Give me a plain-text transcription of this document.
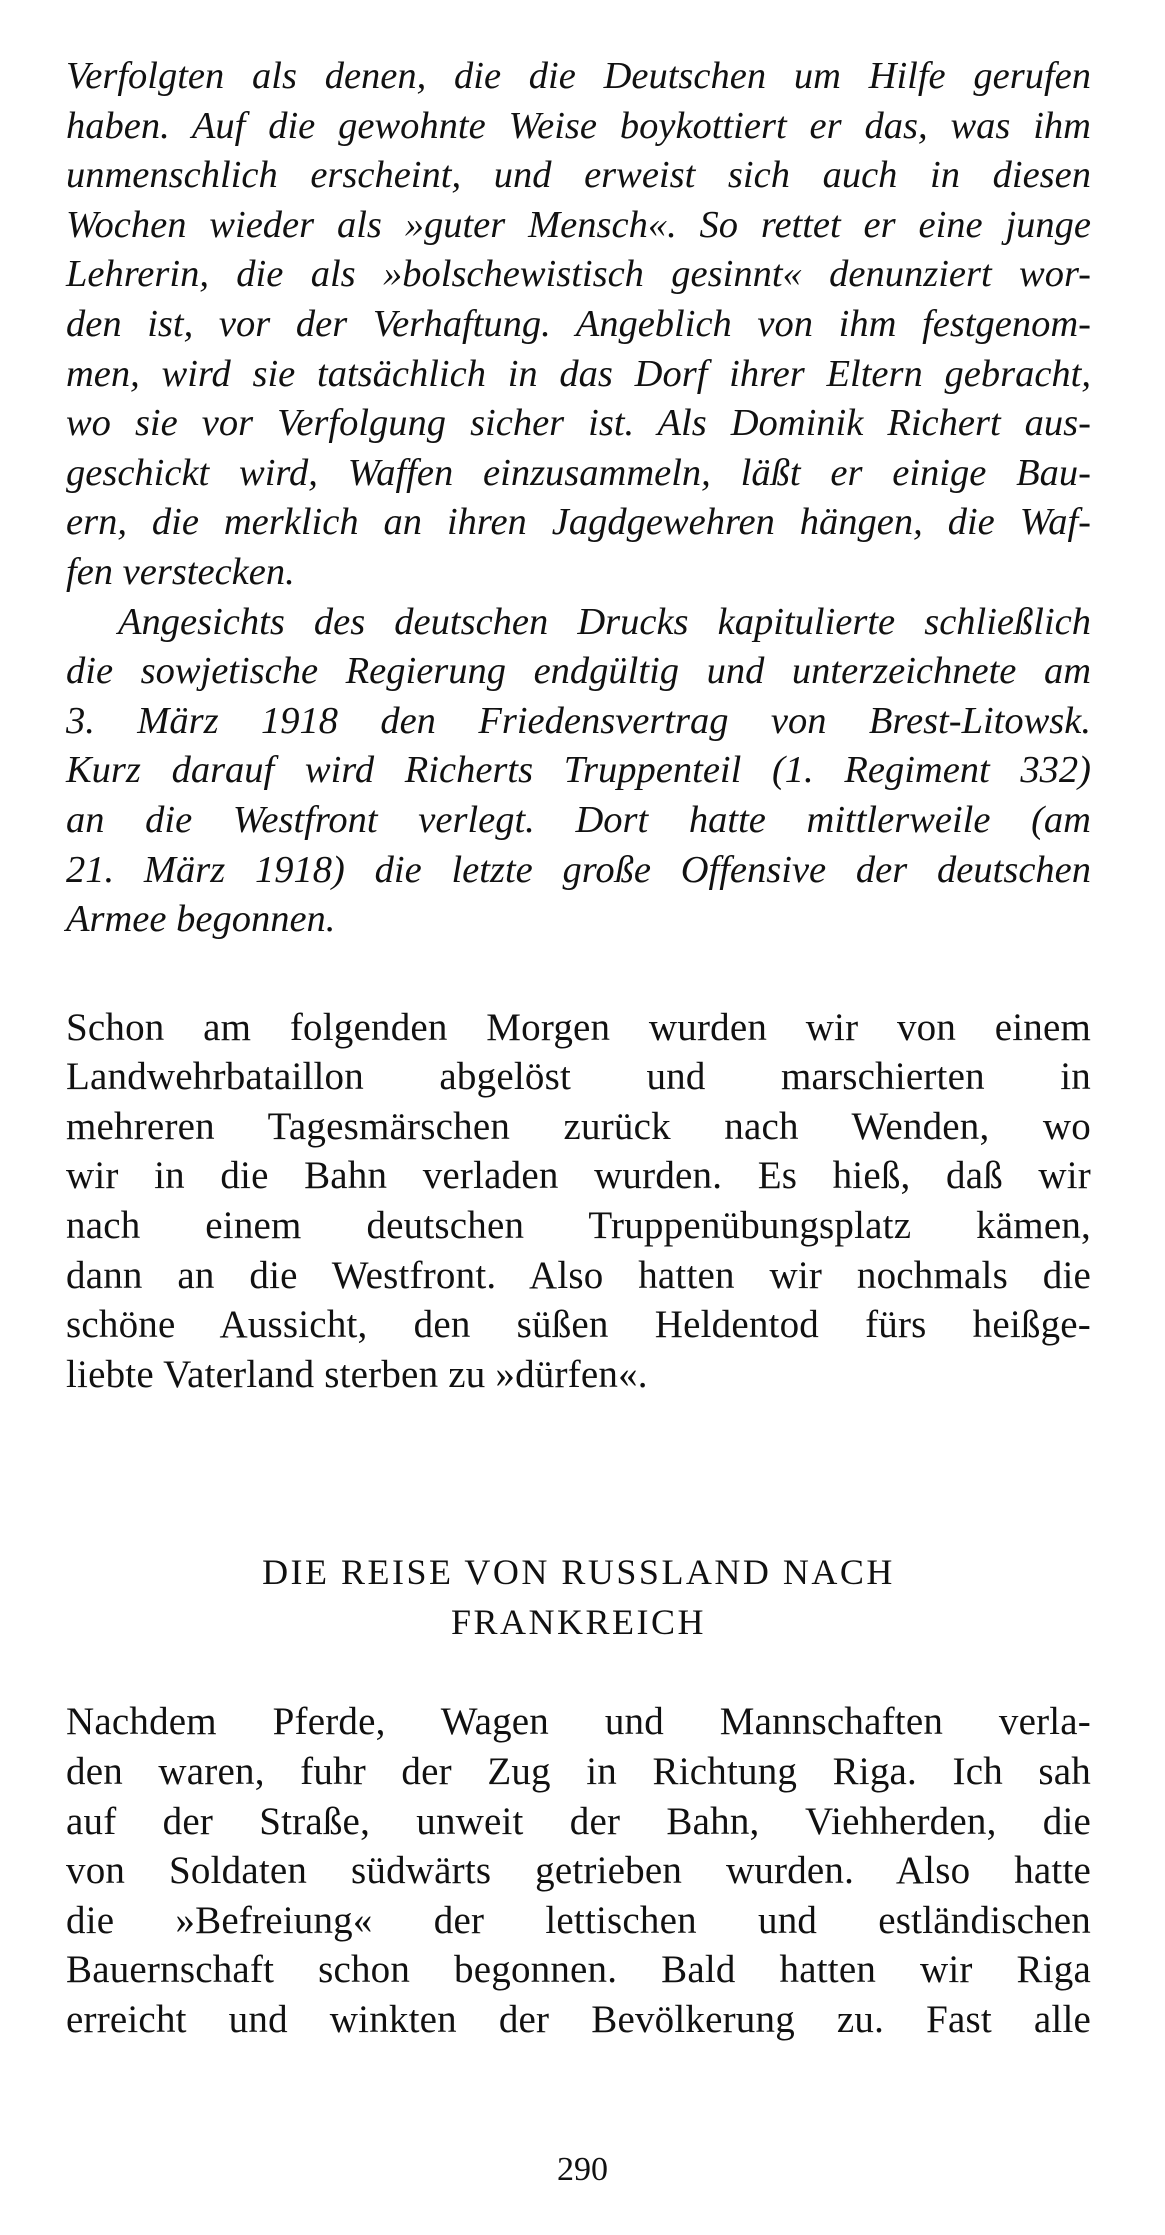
Verfolgten als denen, die die Deutschen um Hilfe gerufen
haben. Auf die gewohnte Weise boykottiert er das, was ihm
unmenschlich erscheint, und erweist sich auch in diesen
Wochen wieder als »guter Mensch«. So rettet er eine junge
Lehrerin, die als »bolschewistisch gesinnt« denunziert wor-
den ist, vor der Verhaftung. Angeblich von ihm festgenom-
men, wird sie tatsächlich in das Dorf ihrer Eltern gebracht,
wo sie vor Verfolgung sicher ist. Als Dominik Richert aus-
geschickt wird, Waffen einzusammeln, läßt er einige Bau-
ern, die merklich an ihren Jagdgewehren hängen, die Waf-
fen verstecken.
Angesichts des deutschen Drucks kapitulierte schließlich
die sowjetische Regierung endgültig und unterzeichnete am
3. März 1918 den Friedensvertrag von Brest-Litowsk.
Kurz darauf wird Richerts Truppenteil (1. Regiment 332)
an die Westfront verlegt. Dort hatte mittlerweile (am
21. März 1918) die letzte große Offensive der deutschen
Armee begonnen.
Schon am folgenden Morgen wurden wir von einem
Landwehrbataillon abgelöst und marschierten in
mehreren Tagesmärschen zurück nach Wenden, wo
wir in die Bahn verladen wurden. Es hieß, daß wir
nach einem deutschen Truppenübungsplatz kämen,
dann an die Westfront. Also hatten wir nochmals die
schöne Aussicht, den süßen Heldentod fürs heißge-
liebte Vaterland sterben zu »dürfen«.
DIE REISE VON RUSSLAND NACH
FRANKREICH
Nachdem Pferde, Wagen und Mannschaften verla-
den waren, fuhr der Zug in Richtung Riga. Ich sah
auf der Straße, unweit der Bahn, Viehherden, die
von Soldaten südwärts getrieben wurden. Also hatte
die »Befreiung« der lettischen und estländischen
Bauernschaft schon begonnen. Bald hatten wir Riga
erreicht und winkten der Bevölkerung zu. Fast alle
290
